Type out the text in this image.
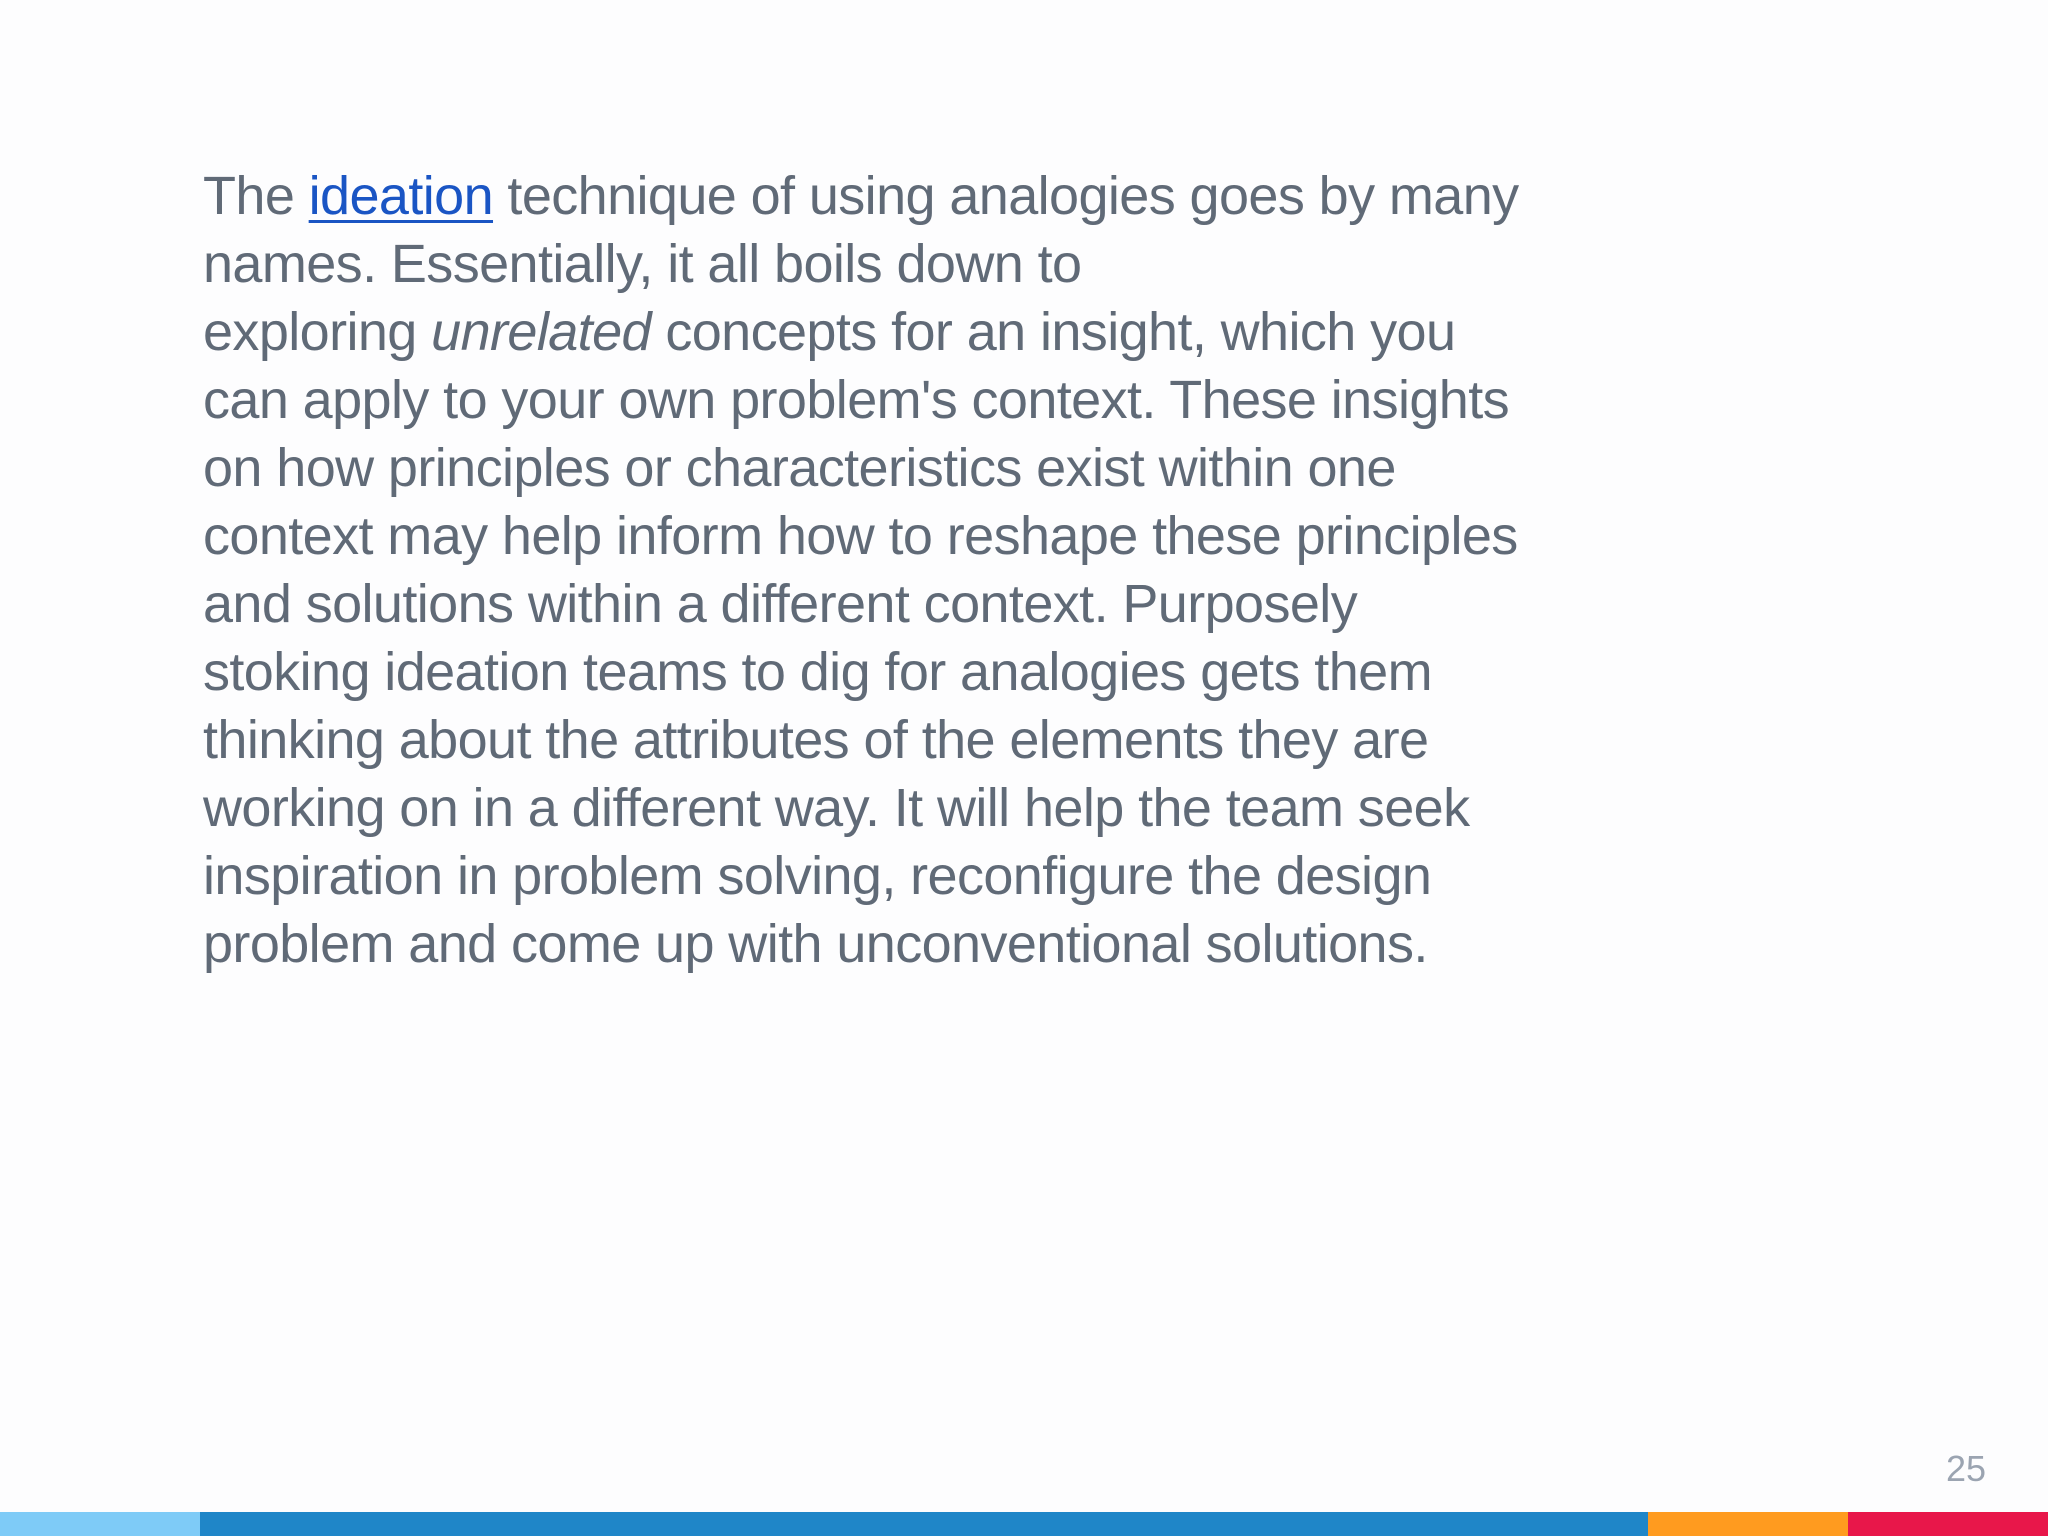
The ideation technique of using analogies goes by many
names. Essentially, it all boils down to
exploring unrelated concepts for an insight, which you
can apply to your own problem's context. These insights
on how principles or characteristics exist within one
context may help inform how to reshape these principles
and solutions within a different context. Purposely
stoking ideation teams to dig for analogies gets them
thinking about the attributes of the elements they are
working on in a different way. It will help the team seek
inspiration in problem solving, reconfigure the design
problem and come up with unconventional solutions.

25
